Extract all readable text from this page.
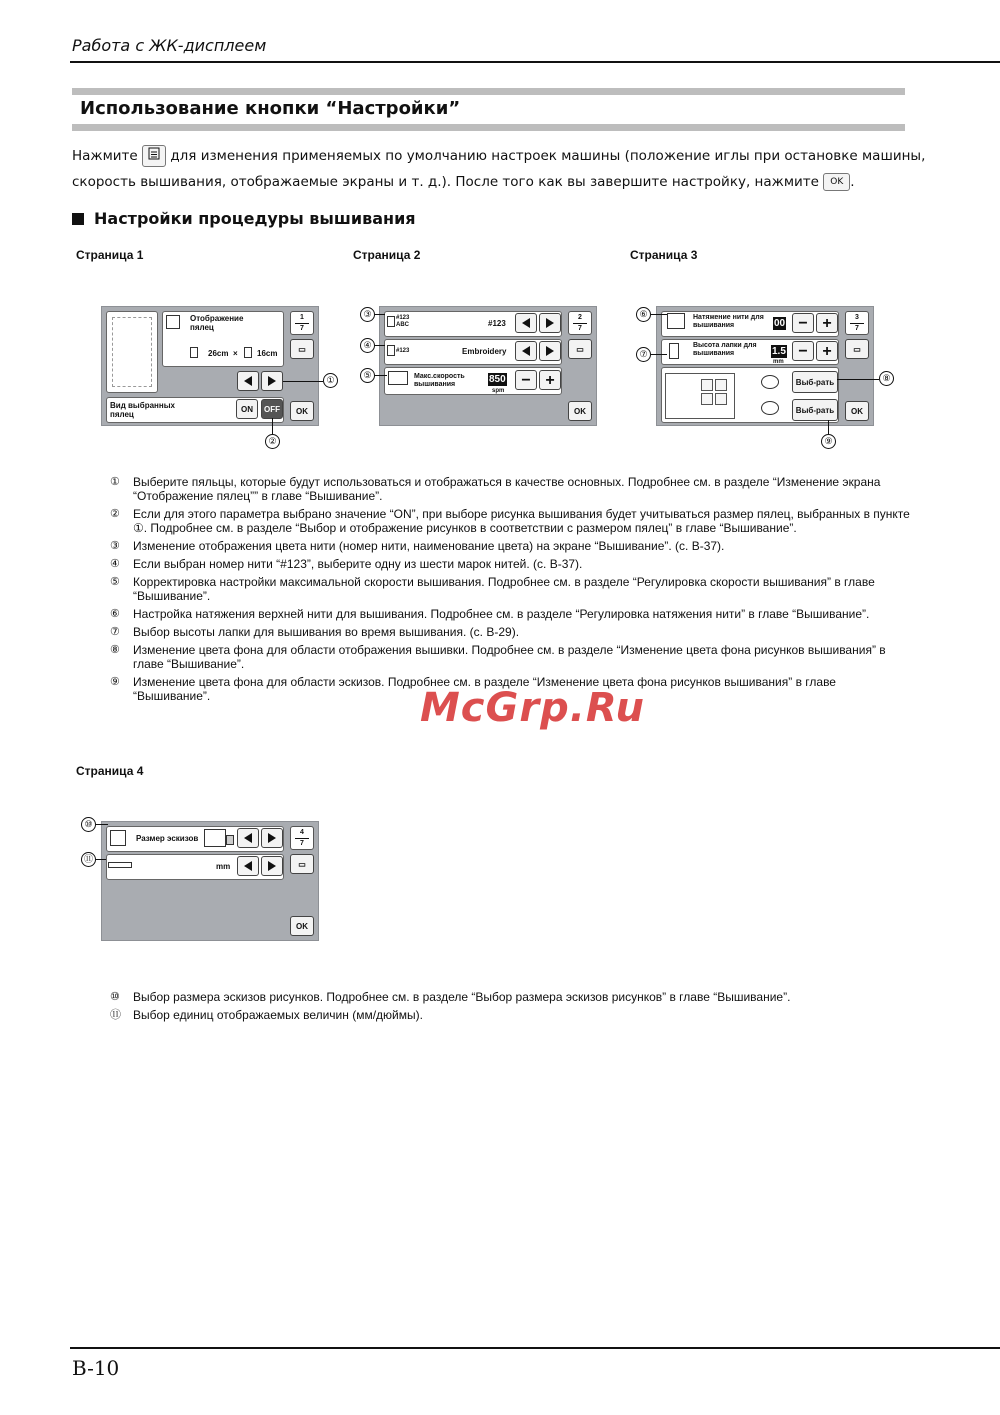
Работа с ЖК-дисплеем
Использование кнопки “Настройки”
Нажмите для изменения применяемых по умолчанию настроек машины (положение иглы при остановке машины, скорость вышивания, отображаемые экраны и т. д.). После того как вы завершите настройку, нажмите OK .
Настройки процедуры вышивания
Страница 1	Страница 2	Страница 3
Отображение пялец
26cm × 16cm
Вид выбранных пялец
ON	OFF
1
7
▭
OK
①
②
#123 ABC	#123
#123	Embroidery
Макс.скорость вышивания	850
spm
− +
2
7
▭
OK
③
④
⑤
Натяжение нити для вышивания	00 − +
Высота лапки для вышивания	1.5
mm
− +
Выб-рать
Выб-рать
3
7
▭
OK
⑥
⑦
⑧
⑨
①	Выберите пяльцы, которые будут использоваться и отображаться в качестве основных. Подробнее см. в разделе “Изменение экрана “Отображение пялец”” в главе “Вышивание”.
②	Если для этого параметра выбрано значение “ON”, при выборе рисунка вышивания будет учитываться размер пялец, выбранных в пункте ①. Подробнее см. в разделе “Выбор и отображение рисунков в соответствии с размером пялец” в главе “Вышивание”.
③	Изменение отображения цвета нити (номер нити, наименование цвета) на экране “Вышивание”. (с. B-37).
④	Если выбран номер нити “#123”, выберите одну из шести марок нитей. (с. B-37).
⑤	Корректировка настройки максимальной скорости вышивания. Подробнее см. в разделе “Регулировка скорости вышивания” в главе “Вышивание”.
⑥	Настройка натяжения верхней нити для вышивания. Подробнее см. в разделе “Регулировка натяжения нити” в главе “Вышивание”.
⑦	Выбор высоты лапки для вышивания во время вышивания. (с. B-29).
⑧	Изменение цвета фона для области отображения вышивки. Подробнее см. в разделе “Изменение цвета фона рисунков вышивания” в главе “Вышивание”.
⑨	Изменение цвета фона для области эскизов. Подробнее см. в разделе “Изменение цвета фона рисунков вышивания” в главе “Вышивание”.	McGrp.Ru
Страница 4
Размер эскизов
mm
4
7
▭
OK
⑩
⑪
⑩	Выбор размера эскизов рисунков. Подробнее см. в разделе “Выбор размера эскизов рисунков” в главе “Вышивание”.
⑪	Выбор единиц отображаемых величин (мм/дюймы).
B-10
